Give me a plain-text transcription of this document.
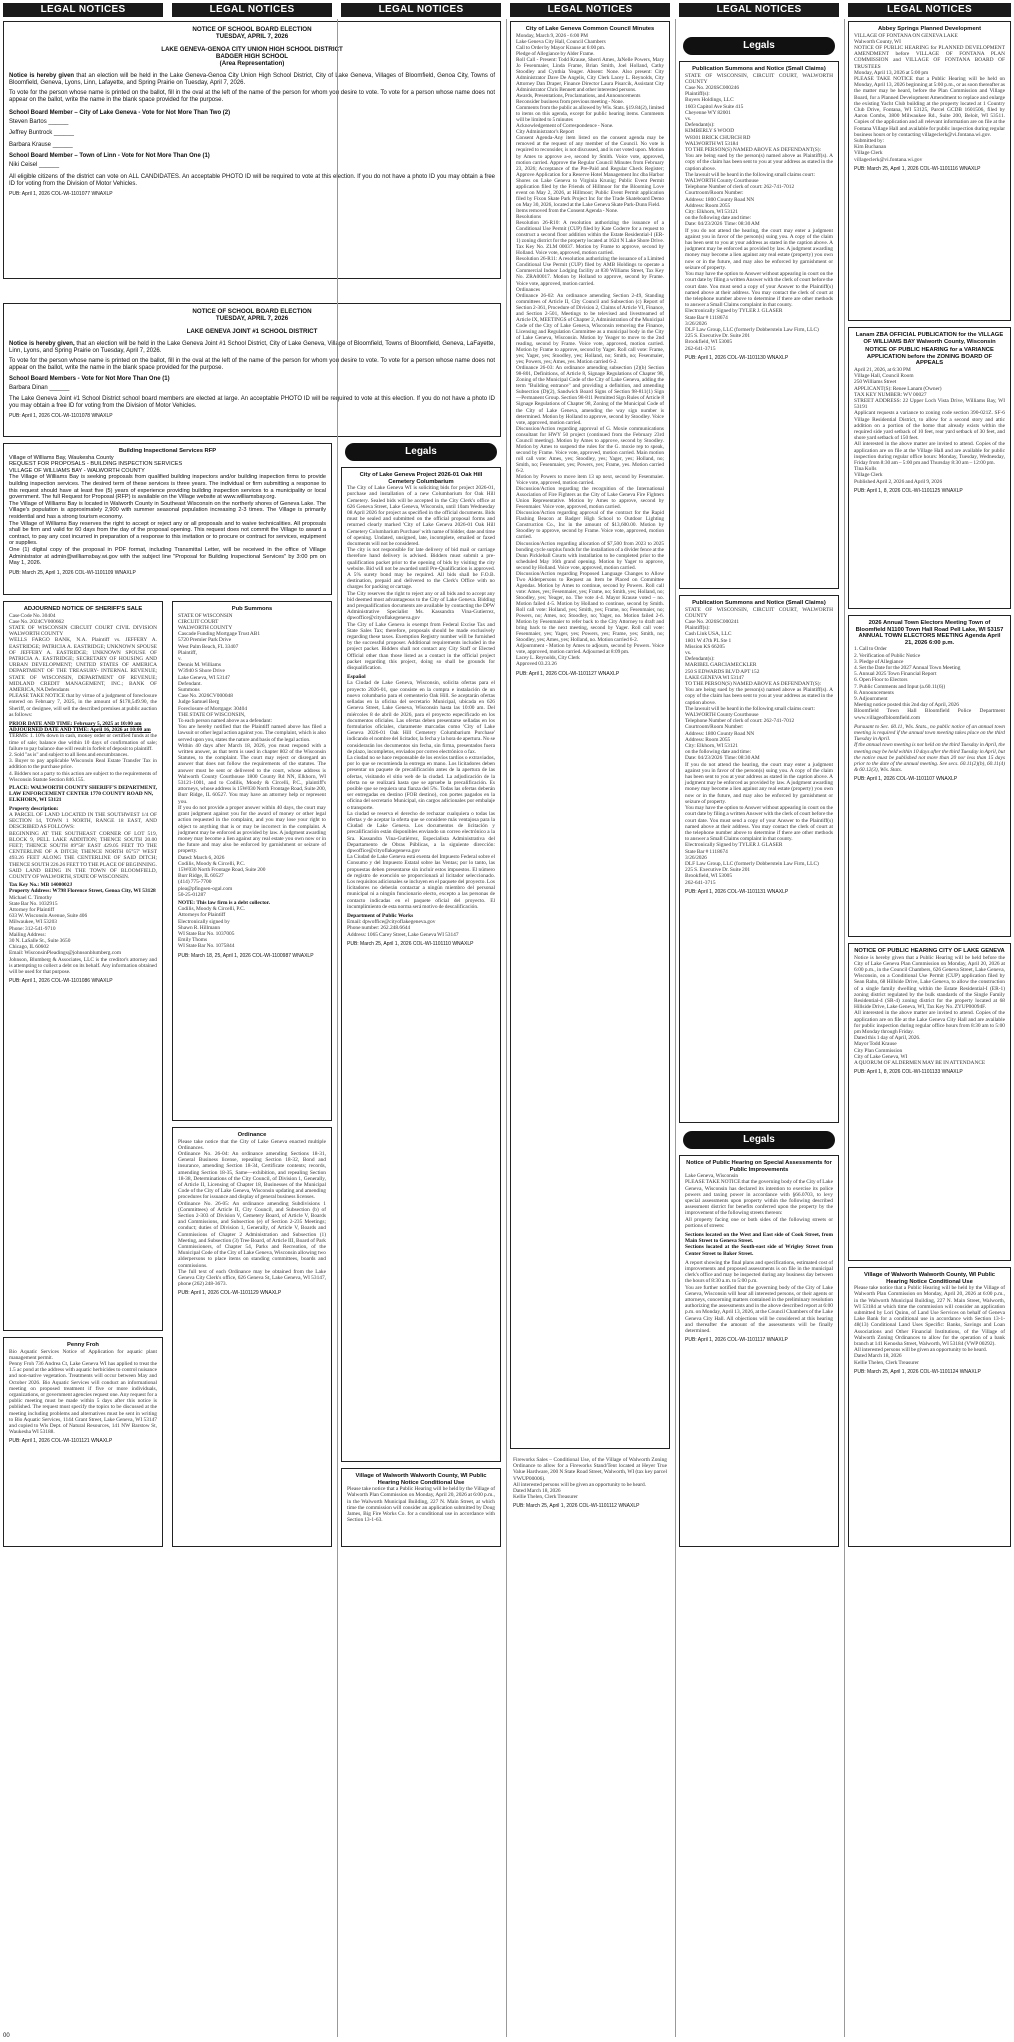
LEGAL NOTICES	LEGAL NOTICES	LEGAL NOTICES	LEGAL NOTICES	LEGAL NOTICES	LEGAL NOTICES
NOTICE OF SCHOOL BOARD ELECTION
TUESDAY, APRIL 7, 2026
LAKE GENEVA-GENOA CITY UNION HIGH SCHOOL DISTRICT
BADGER HIGH SCHOOL
(Area Representation)

Notice is hereby given that an election will be held in the Lake Geneva-Genoa City Union High School District, City of Lake Geneva, Villages of Bloomfield, Genoa City, Towns of Bloomfield, Geneva, Lyons, Linn, Lafayette, and Spring Prairie on Tuesday, April 7, 2026.

To vote for the person whose name is printed on the ballot, fill in the oval at the left of the name of the person for whom you desire to vote. To vote for a person whose name does not appear on the ballot, write the name in the blank space provided for the purpose.

School Board Member – City of Lake Geneva - Vote for Not More Than Two (2)

Steven Bartos ______
Jeffrey Buntrock ______
Barbara Krause ______

School Board Member – Town of Linn - Vote for Not More Than One (1)

Niki Ceisel ______

All eligible citizens of the district can vote on ALL CANDIDATES. An acceptable PHOTO ID will be required to vote at this election. If you do not have a photo ID you may obtain a free ID for voting from the Division of Motor Vehicles.

PUB: April 1, 2026 COL-WI-1101077 WNAXLP
NOTICE OF SCHOOL BOARD ELECTION
TUESDAY, APRIL 7, 2026
LAKE GENEVA JOINT #1 SCHOOL DISTRICT

Notice is hereby given, that an election will be held in the Lake Geneva Joint #1 School District, City of Lake Geneva, Village of Bloomfield, Towns of Bloomfield, Geneva, LaFayette, Linn, Lyons, and Spring Prairie on Tuesday, April 7, 2026.

To vote for the person whose name is printed on the ballot, fill in the oval at the left of the name of the person for whom you desire to vote. To vote for a person whose name does not appear on the ballot, write the name in the blank space provided for the purpose.

School Board Members - Vote for Not More Than One (1)

Barbara Dinan ______

The Lake Geneva Joint #1 School District school board members are elected at large. An acceptable PHOTO ID will be required to vote at this election. If you do not have a photo ID you may obtain a free ID for voting from the Division of Motor Vehicles.

PUB: April 1, 2026 COL-WI-1101078 WNAXLP
Legals
Building Inspectional Services RFP
Village of Williams Bay, Waukesha County
REQUEST FOR PROPOSALS - BUILDING INSPECTION SERVICES
VILLAGE OF WILLIAMS BAY - WALWORTH COUNTY
The Village of Williams Bay is seeking proposals from qualified building inspectors and/or building inspection firms to provide building inspection services. The desired term of these services is three years. The individual or firm submitting a response to this request should have at least five (5) years of experience providing building inspection services to a municipality or local government. The full Request for Proposal (RFP) is available on the Village website at www.williamsbay.org.
The Village of Williams Bay is located in Walworth County in Southeast Wisconsin on the northerly shores of Geneva Lake. The Village's population is approximately 2,900 with summer seasonal population increasing 2-3 times. The Village is primarily residential and has a strong tourism economy.
The Village of Williams Bay reserves the right to accept or reject any or all proposals and to waive technicalities. All proposals shall be firm and valid for 60 days from the day of the proposal opening. This request does not commit the Village to award a contract, to pay any cost incurred in preparation of a response to this invitation or to procure or contract for services, equipment or supplies.
One (1) digital copy of the proposal in PDF format, including Transmittal Letter, will be received in the office of Village Administrator at admin@williamsbay.wi.gov with the subject line "Proposal for Building Inspectional Services" by 3:00 pm on May 1, 2026.
PUB: March 25, April 1, 2026 COL-WI-1101109 WNAXLP
ADJOURNED NOTICE OF SHERIFF'S SALE
Case Code No. 30404
Case No. 2024CV000662
STATE OF WISCONSIN CIRCUIT COURT CIVIL DIVISION WALWORTH COUNTY
WELLS FARGO BANK, N.A. Plaintiff vs. JEFFERY A. EASTRIDGE; PATRICIA A. EASTRIDGE; UNKNOWN SPOUSE OF JEFFERY A. EASTRIDGE; UNKNOWN SPOUSE OF PATRICIA A. EASTRIDGE; SECRETARY OF HOUSING AND URBAN DEVELOPMENT; UNITED STATES OF AMERICA DEPARTMENT OF THE TREASURY- INTERNAL REVENUE; STATE OF WISCONSIN, DEPARTMENT OF REVENUE; MIDLAND CREDIT MANAGEMENT, INC.; BANK OF AMERICA, NA Defendants
PLEASE TAKE NOTICE that by virtue of a judgment of foreclosure entered on February 7, 2025, in the amount of $178,549.90, the Sheriff, or designee, will sell the described premises at public auction as follows:
PRIOR DATE AND TIME: February 5, 2025 at 10:00 am
ADJOURNED DATE AND TIME: April 16, 2026 at 10:00 am
TERMS: 1. 10% down in cash, money order or certified funds at the time of sale; balance due within 10 days of confirmation of sale; failure to pay balance due will result in forfeit of deposit to plaintiff.
2. Sold "as is" and subject to all liens and encumbrances.
3. Buyer to pay applicable Wisconsin Real Estate Transfer Tax in addition to the purchase price.
4. Bidders not a party to this action are subject to the requirements of Wisconsin Statute Section 846.155.
PLACE: WALWORTH COUNTY SHERIFF'S DEPARTMENT, LAW ENFORCEMENT CENTER 1770 COUNTY ROAD NN, ELKHORN, WI 53121
Property description:
A PARCEL OF LAND LOCATED IN THE SOUTHWEST 1/4 OF SECTION 14, TOWN 1 NORTH, RANGE 18 EAST, AND DESCRIBED AS FOLLOWS:
BEGINNING AT THE SOUTHEAST CORNER OF LOT 519, BLOCK 9, PELL LAKE ADDITION; THENCE SOUTH 20.00 FEET; THENCE SOUTH 89°58' EAST 429.05 FEET TO THE CENTERLINE OF A DITCH; THENCE NORTH 05°57' WEST 493.26 FEET ALONG THE CENTERLINE OF SAID DITCH; THENCE SOUTH 226.26 FEET TO THE PLACE OF BEGINNING. SAID LAND BEING IN THE TOWN OF BLOOMFIELD, COUNTY OF WALWORTH, STATE OF WISCONSIN.
Tax Key No.: MB 1400002J
Property Address: W798 Florence Street, Genoa City, WI 53128
Michael C. Timothy
State Bar No. 1032915
Attorney for Plaintiff
633 W. Wisconsin Avenue, Suite 406
Milwaukee, WI 53203
Phone: 312-541-9710
Mailing Address:
30 N. LaSalle St., Suite 3650
Chicago, IL 60602
Email: WisconsinPleadings@johnsonblumberg.com
Johnson, Blumberg & Associates, LLC is the creditor's attorney and is attempting to collect a debt on its behalf. Any information obtained will be used for that purpose.
PUB: April 1, 2026 COL-WI-1101086 WNAXLP
Penny Froh
Bio Aquatic Services Notice of Application for aquatic plant management permit.
Penny Froh 736 Andrea Ct, Lake Geneva WI has applied to treat the 1.5 ac pond at the address with aquatic herbicides to control nuisance and non-native vegetation. Treatments will occur between May and October 2026. Bio Aquatic Services will conduct an informational meeting on proposed treatment if five or more individuals, organizations, or government agencies request one. Any request for a public meeting must be made within 5 days after this notice is published. The request must specify the topics to be discussed at the meeting including problems and alternatives must be sent in writing to Bio Aquatic Services, 1144 Grant Street, Lake Geneva, WI 53147 and copied to Wis Dept. of Natural Resources, 141 NW Barstow St, Waukesha WI 53188.
PUB: April 1, 2026 COL-WI-1101121 WNAXLP
Pub Summons
STATE OF WISCONSIN
CIRCUIT COURT
WALWORTH COUNTY
Cascade Funding Mortgage Trust AB1
5720 Premier Park Drive
West Palm Beach, FL 33407
Plaintiff,
v.
Dennis M. Williams
W3940 S Shore Drive
Lake Geneva, WI 53147
Defendant.
Summons
Case No. 2026CV000048
Judge Samuel Berg
Foreclosure of Mortgage: 30404
THE STATE OF WISCONSIN,
To each person named above as a defendant:
You are hereby notified that the Plaintiff named above has filed a lawsuit or other legal action against you. The complaint, which is also served upon you, states the nature and basis of the legal action.
Within 40 days after March 18, 2026, you must respond with a written answer, as that term is used in chapter 802 of the Wisconsin Statutes, to the complaint. The court may reject or disregard an answer that does not follow the requirements of the statutes. The answer must be sent or delivered to the court, whose address is Walworth County Courthouse 1800 County Rd NN, Elkhorn, WI 53121-1001, and to Codilis, Moody & Circelli, P.C., plaintiff's attorneys, whose address is 15W030 North Frontage Road, Suite 200, Burr Ridge, IL 60527. You may have an attorney help or represent you.
If you do not provide a proper answer within 40 days, the court may grant judgment against you for the award of money or other legal action requested in the complaint, and you may lose your right to object to anything that is or may be incorrect in the complaint. A judgment may be enforced as provided by law. A judgment awarding money may become a lien against any real estate you own now or in the future and may also be enforced by garnishment or seizure of property.
Dated: March 6, 2026
Codilis, Moody & Circelli, P.C.
15W030 North Frontage Road, Suite 200
Burr Ridge, IL 60527
(414) 775-7700
plea@pfingsen-ogal.com
50-25-01287
NOTE: This law firm is a debt collector.
Codilis, Moody & Circelli, P.C.
Attorneys for Plaintiff
Electronically signed by
Shawn R. Hillmann
WI State Bar No. 1037005
Emily Thoms
WI State Bar No. 1075844
PUB: March 18, 25, April 1, 2026 COL-WI-1100987 WNAXLP
Ordinance
Please take notice that the City of Lake Geneva enacted multiple Ordinances.
Ordinance No. 26-04: An ordinance amending Sections 18-31, General Business license, repealing Section 18-32, Bond and insurance, amending Section 18-34, Certificate contents; records, amending Section 18-35, Same—exhibition, and repealing Section 18-38, Determinations of the City Council, of Division 1, Generally, of Article II, Licensing of Chapter 18, Businesses of the Municipal Code of the City of Lake Geneva, Wisconsin updating and amending procedures for issuance and display of general business licenses.
Ordinance No. 26-05: An ordinance amending Subdivisions 1 (Committees) of Article II, City Council, and Subsection (b) of Section 2-303 of Division V, Cemetery Board, of Article V, Boards and Commissions, and Subsection (e) of Section 2-235 Meetings; conduct; duties of Division 1, Generally, of Article V, Boards and Commissions of Chapter 2 Administration and Subsection (1) Meeting, and Subsection (3) Tree Board, of Article III, Board of Park Commissioners, of Chapter 54, Parks and Recreation, of the Municipal Code of the City of Lake Geneva, Wisconsin allowing two alderpersons to place items on standing committees, boards and commissions.
The full text of each Ordinance may be obtained from the Lake Geneva City Clerk's office, 626 Geneva St, Lake Geneva, WI 53147, phone (262) 248-3673.
PUB: April 1, 2026 COL-WI-1101129 WNAXLP
City of Lake Geneva Project 2026-01 Oak Hill Cemetery Columbarium
The City of Lake Geneva WI is soliciting bids for project 2026-01, purchase and installation of a new Columbarium for Oak Hill Cemetery. Sealed bids will be accepted in the City Clerk's office at 626 Geneva Street, Lake Geneva, Wisconsin, until 10am Wednesday 08 April 2026 for project as specified in the official documents. Bids must be sealed and submitted on the official proposal forms and returned clearly marked 'City of Lake Geneva 2026-01 Oak Hill Cemetery Columbarium Purchase' with name of bidder, date and time of opening. Undated, unsigned, late, incomplete, emailed or faxed documents will not be considered.
The city is not responsible for late delivery of bid mail or carriage therefore hand delivery is advised. Bidders must submit a pre-qualification packet prior to the opening of bids by visiting the city website. Bid will not be awarded until Pre-Qualification is approved. A 5% surety bond may be required. All bids shall be F.O.B. destination, prepaid and delivered to the Clerk's Office with no charges for packing or cartage.
The City reserves the right to reject any or all bids and to accept any bid deemed most advantageous to the City of Lake Geneva. Bidding and prequalification documents are available by contacting the DPW Administrative Specialist Ms. Kassandra Vina-Gutierrez, dpwoffice@cityoflakegeneva.gov
The City of Lake Geneva is exempt from Federal Excise Tax and State Sales Tax; therefore, proposals should be made exclusively regarding these taxes. Exemption Registry number will be furnished by the successful proposer. Additional requirements included in the project packet. Bidders shall not contact any City Staff or Elected Official other than those listed as a contact in the official project packet regarding this project, doing so shall be grounds for disqualification.
Español
La Ciudad de Lake Geneva, Wisconsin, solicita ofertas para el proyecto 2026-01, que consiste en la compra e instalación de un nuevo columbario para el cementerio Oak Hill. Se aceptarán ofertas selladas en la oficina del secretario Municipal, ubicada en 626 Geneva Street, Lake Geneva, Wisconsin hasta las 10:00 am. Del miércoles 8 de abril de 2026, para el proyecto especificado en los documentos oficiales. Las ofertas deben presentarse selladas en los formularios oficiales, claramente marcadas como 'City of Lake Geneva 2026-01 Oak Hill Cemetery Columbarium Purchase' indicando el nombre del licitador, la fecha y la hora de apertura. No se considerarán los documentos sin fecha, sin firma, presentados fuera de plazo, incompletos, enviados por correo electrónico o fax.
La ciudad no se hace responsable de los envíos tardíos o extraviados, por lo que se recomienda la entrega en mano. Los licitadores deben presentar un paquete de precalificación antes de la apertura de las ofertas, visitando el sitio web de la ciudad. La adjudicación de la oferta no se realizará hasta que se apruebe la precalificación. Es posible que se requiera una fianza del 5%. Todas las ofertas deberán ser entregadas en destino (FOB destino), con portes pagados en la oficina del secretario Municipal, sin cargos adicionales por embalaje o transporte.
La ciudad se reserva el derecho de rechazar cualquiera o todas las ofertas y de aceptar la oferta que se considere más ventajosa para la Ciudad de Lake Geneva. Los documentos de licitación y precalificación están disponibles enviando un correo electrónico a la Sra. Kassandra Vina-Gutiérrez, Especialista Administrativa del Departamento de Obras Públicas, a la siguiente dirección: dpwoffice@cityoflakegeneva.gov
La Ciudad de Lake Geneva está exenta del Impuesto Federal sobre el Consumo y del Impuesto Estatal sobre las Ventas; por lo tanto, las propuestas deben presentarse sin incluir estos impuestos. El número de registro de exención se proporcionará al licitador seleccionado. Los requisitos adicionales se incluyen en el paquete del proyecto. Los licitadores no deberán contactar a ningún miembro del personal municipal ni a ningún funcionario electo, excepto a las personas de contacto indicadas en el paquete oficial del proyecto. El incumplimiento de esta norma será motivo de descalificación.
Department of Public Works
Email: dpwoffice@cityoflakegeneva.gov
Phone number: 262.248.6644
Address: 1065 Carey Street, Lake Geneva WI 53147
PUB: March 25, April 1, 2026 COL-WI-1101110 WNAXLP
Village of Walworth Walworth County, WI Public Hearing Notice Conditional Use
Please take notice that a Public Hearing will be held by the Village of Walworth Plan Commission on Monday, April 20, 2026 at 6:00 p.m., in the Walworth Municipal Building, 227 N. Main Street, at which time the commission will consider an application submitted by Doug James, Big Fire Works Co. for a conditional use in accordance with Section 13-1-63.
City of Lake Geneva Common Council Minutes
Monday, March 9, 2026 - 6:00 PM
Lake Geneva City Hall, Council Chambers
Call to Order by Mayor Krause at 6:00 pm.
Pledge of Allegiance by Alder Frame.
Roll Call - Present: Todd Krause, Sherri Ames, JaNelle Powers, Mary Jo Fesenmaier, Linda Frame, Brian Smith, Joel Holland, Cathy Stoodley and Cynthia Yeager. Absent: None. Also present: City Administrator Dave De Angelis, City Clerk Lacey L. Reynolds, City Attorney Dan Draper, Finance Director Laura Pisarcik, Assistant City Administrator Chris Bennett and other interested persons.
Awards, Presentations, Proclamations, and Announcements
Reconsider business from previous meeting - None.
Comments from the public as allowed by Wis. Stats. §19.84(2), limited to items on this agenda, except for public hearing items. Comments will be limited to 5 minutes
Acknowledgement of Correspondence - None.
City Administrator's Report
Consent Agenda-Any item listed on the consent agenda may be removed at the request of any member of the Council. No vote is required to reconsider, is not discussed, and is not voted upon. Motion by Ames to approve a-e, second by Smith. Voice vote, approved, motion carried. Approve the Regular Council Minutes from February 23, 2026; Acceptance of the Pre-Paid and Regular Check Register; Approve Application for a Reserve Hotel Management Inc dba Harbor Shores on Lake Geneva to Virginia Krunig; Public Event Permit application filed by the Friends of Hillmoor for the Blooming Love event on May 2, 2026, at Hillmoor; Public Event Permit application filed by Fixon Skate Park Project Inc for the Trade Skateboard Demo on May 30, 2026, located at the Lake Geneva Skate Park-Dunn Field.
Items removed from the Consent Agenda - None.
Resolutions
Resolution 26-R10: A resolution authorizing the issuance of a Conditional Use Permit (CUP) filed by Kate Coderre for a request to construct a second floor addition within the Estate Residential-I (ER-1) zoning district for the property located at 1624 N Lake Shore Drive. Tax Key No. ZLM 00037. Motion by Frame to approve, second by Holland. Voice vote, approved, motion carried.
Resolution 26-R11: A resolution authorizing the issuance of a Limited Conditional Use Permit (CUP) filed by AMB Holdings to operate a Commercial Indoor Lodging facility at 830 Williams Street, Tax Key No. ZRA00017. Motion by Holland to approve, second by Frame. Voice vote, approved, motion carried.
Ordinances
Ordinance 26-02: An ordinance amending Section 2-49, Standing committees of Article II, City Council and Subsection (c) Report of Section 2-361, Procedure of Division 2, Claims of Article VI, Finance, and Section 2-501, Meetings to be televised and livestreamed of Article IX, MEETINGS of Chapter 2, Administration of the Municipal Code of the City of Lake Geneva, Wisconsin removing the Finance, Licensing and Regulation Committee as a municipal body in the City of Lake Geneva, Wisconsin. Motion by Yeager to move to the 2nd reading, second by Frame. Voice vote, approved, motion carried. Motion by Frame to approve, second by Yager. Roll call vote: Frame, yes; Yager, yes; Stoodley, yes; Holland, no; Smith, no; Fesenmaier, yes; Powers, yes; Ames, yes. Motion carried 6-2.
Ordinance 26-03: An ordinance amending subsection (2)(b) Section 98-801, Definitions, of Article 8, Signage Regulations of Chapter 98, Zoning of the Municipal Code of the City of Lake Geneva, adding the term "Building entrance" and providing a definition, and amending Subsection (D)(2), Sandwich Board Signs of Section 98-811(1) Sign—Permanent Group. Section 98-811 Permitted Sign Rules of Article 8 Signage Regulations of Chapter 98, Zoning of the Municipal Code of the City of Lake Geneva, amending the way sign number is determined. Motion by Holland to approve, second by Stoodley. Voice vote, approved, motion carried.
Discussion/Action regarding approval of G. Moxie communications consultant for HWY 50 project (continued from the February 23rd Council meeting). Motion by Ames to approve, second by Stoodley. Motion by Ames to suspend the rules for the G. moxie rep to speak, second by Frame. Voice vote, approved, motion carried. Main motion roll call vote: Ames, yes; Stoodley, yes; Yager, yes; Holland, no; Smith, no; Fesenmaier, yes; Powers, yes; Frame, yes. Motion carried 6-2.
Motion by Powers to move item 13 up next, second by Fesenmaier. Voice vote, approved, motion carried.
Discussion/Action regarding the recognition of the International Association of Fire Fighters as the City of Lake Geneva Fire Fighters Union Representative. Motion by Ames to approve, second by Fesenmaier. Voice vote, approved, motion carried.
Discussion/Action regarding approval of the contract for the Rapid Flashing Beacon at Badger High School to Outdoor Lighting Construction Co., Inc in the amount of $13,600.00. Motion by Stoodley to approve, second by Frame. Voice vote, approved, motion carried.
Discussion/Action regarding allocation of $7,500 from 2023 to 2025 bonding cycle surplus funds for the installation of a divider fence at the Dunn Pickleball Courts with installation to be completed prior to the scheduled May 16th grand opening. Motion by Yager to approve, second by Holland. Voice vote, approved, motion carried.
Discussion/Action regarding Proposed Language Changes to Allow Two Alderpersons to Request an Item be Placed on Committee Agendas. Motion by Ames to continue, second by Powers. Roll call vote: Ames, yes; Fesenmaier, yes; Frame, no; Smith, yes; Holland, no; Stoodley, yes; Yeager, no. The vote 4-4. Mayor Krause voted – no. Motion failed 4-5. Motion by Holland to continue, second by Smith. Roll call vote: Holland, yes; Smith, yes; Frame, no; Fesenmaier, no; Powers, no; Ames, no; Stoodley, no; Yager, no. Motion failed 2-6. Motion by Fesenmaier to refer back to the City Attorney to draft and bring back to the next meeting, second by Yager. Roll call vote: Fesenmaier, yes; Yager, yes; Powers, yes; Frame, yes; Smith, no; Stoodley, yes; Ames, yes; Holland, no. Motion carried 6-2.
Adjournment - Motion by Ames to adjourn, second by Powers. Voice vote, approved, motion carried. Adjourned at 8:09 pm.
Lacey L. Reynolds, City Clerk
Approved 03.23.26
PUB: April 1, 2026 COL-WI-1101127 WNAXLP
Fireworks Sales – Conditional Use, of the Village of Walworth Zoning Ordinance to allow for a Fireworks Stand/Tent located at Heyer True Value Hardware, 200 N State Road Street, Walworth, WI (tax key parcel VWUP00006).
All interested persons will be given an opportunity to be heard.
Dated March 18, 2026
Kellie Thelen, Clerk Treasurer
PUB: March 25, April 1, 2026 COL-WI-1101112 WNAXLP
Legals
Publication Summons and Notice (Small Claims)
STATE OF WISCONSIN, CIRCUIT COURT, WALWORTH COUNTY
Case No. 2026SC000246
Plaintiff(s):
Buyers Holdings, LLC
1603 Capitol Ave Suite 415
Cheyenne WY 82001
vs.
Defendant(s):
KIMBERLY S WOOD
W8301 BRICK CHURCH RD
WALWORTH WI 53184
TO THE PERSON(S) NAMED ABOVE AS DEFENDANT(S):
You are being sued by the person(s) named above as Plaintiff(s). A copy of the claim has been sent to you at your address as stated in the caption above.
The lawsuit will be heard in the following small claims court:
WALWORTH County Courthouse
Telephone Number of clerk of court: 262-741-7012
Courtroom/Room Number:
Address: 1800 County Road NN
Address: Room 2055
City: Elkhorn, WI 53121
on the following date and time:
Date: 04/23/2026  Time: 08:30 AM
If you do not attend the hearing, the court may enter a judgment against you in favor of the person(s) suing you. A copy of the claim has been sent to you at your address as stated in the caption above. A judgment may be enforced as provided by law. A judgment awarding money may become a lien against any real estate (property) you own now or in the future, and may also be enforced by garnishment or seizure of property.
You may have the option to Answer without appearing in court on the court date by filing a written Answer with the clerk of court before the court date. You must send a copy of your Answer to the Plaintiff(s) named above at their address. You may contact the clerk of court at the telephone number above to determine if there are other methods to answer a Small Claims complaint in that county.
Electronically Signed by TYLER J. GLASER
State Bar # 1118674
3/26/2026
DLF Law Group, LLC (formerly Dobberstein Law Firm, LLC)
225 S. Executive Dr. Suite 201
Brookfield, WI 53005
262-641-3715
PUB: April 1, 2026 COL-WI-1101130 WNAXLP
Publication Summons and Notice (Small Claims)
STATE OF WISCONSIN, CIRCUIT COURT, WALWORTH COUNTY
Case No. 2026SC000241
Plaintiff(s):
Cash Link USA, LLC
1801 W 47th PL Ste 1
Mission KS 66205
vs.
Defendant(s):
MARIBEL GARCIAMECKLER
250 S EDWARDS BLVD APT 152
LAKE GENEVA WI 53147
TO THE PERSON(S) NAMED ABOVE AS DEFENDANT(S):
You are being sued by the person(s) named above as Plaintiff(s). A copy of the claim has been sent to you at your address as stated in the caption above.
The lawsuit will be heard in the following small claims court:
WALWORTH County Courthouse
Telephone Number of clerk of court: 262-741-7012
Courtroom/Room Number:
Address: 1800 County Road NN
Address: Room 2055
City: Elkhorn, WI 53121
on the following date and time:
Date: 04/23/2026  Time: 08:30 AM
If you do not attend the hearing, the court may enter a judgment against you in favor of the person(s) suing you. A copy of the claim has been sent to you at your address as stated in the caption above. A judgment may be enforced as provided by law. A judgment awarding money may become a lien against any real estate (property) you own now or in the future, and may also be enforced by garnishment or seizure of property.
You may have the option to Answer without appearing in court on the court date by filing a written Answer with the clerk of court before the court date. You must send a copy of your Answer to the Plaintiff(s) named above at their address. You may contact the clerk of court at the telephone number above to determine if there are other methods to answer a Small Claims complaint in that county.
Electronically Signed by TYLER J. GLASER
State Bar # 1118674
3/26/2026
DLF Law Group, LLC (formerly Dobberstein Law Firm, LLC)
225 S. Executive Dr. Suite 201
Brookfield, WI 53005
262-641-3715
PUB: April 1, 2026 COL-WI-1101131 WNAXLP
Legals
Notice of Public Hearing on Special Assessments for Public Improvements
Lake Geneva, Wisconsin
PLEASE TAKE NOTICE that the governing body of the City of Lake Geneva, Wisconsin has declared its intention to exercise its police powers and taxing power in accordance with §66.0703, to levy special assessments upon property within the following described assessment district for benefits conferred upon the property by the improvement of the following streets thereon:
All property facing one or both sides of the following streets or portions of streets:
Sections located on the West and East side of Cook Street, from Main Street to Geneva Street.
Sections located at the South-east side of Wrigley Street from Center Street to Baker Street.
A report showing the final plans and specifications, estimated cost of improvements and proposed assessments is on file in the municipal clerk's office and may be inspected during any business day between the hours of 8:30 a.m. to 5:00 p.m.
You are further notified that the governing body of the City of Lake Geneva, Wisconsin will hear all interested persons, or their agents or attorneys, concerning matters contained in the preliminary resolution authorizing the assessments and in the above described report at 6:00 p.m. on Monday, April 13, 2026, at the Council Chambers of the Lake Geneva City Hall. All objections will be considered at this hearing and thereafter the amount of the assessments will be finally determined.
PUB: April 1, 2026 COL-WI-1101117 WNAXLP
Abbey Springs Planned Development
VILLAGE OF FONTANA ON GENEVA LAKE
Walworth County, WI
NOTICE OF PUBLIC HEARING for PLANNED DEVELOPMENT AMENDMENT before VILLAGE OF FONTANA PLAN COMMISSION and VILLAGE OF FONTANA BOARD OF TRUSTEES
Monday, April 13, 2026 at 5:00 pm
PLEASE TAKE NOTICE that a Public Hearing will be held on Monday, April 13, 2026 beginning at 5:00 p.m., or as soon thereafter as the matter may be heard, before the Plan Commission and Village Board, for a Planned Development Amendment to replace and enlarge the existing Yacht Club building at the property located at 1 Country Club Drive, Fontana, WI 53125, Parcel GCDB 1601506, filed by Aaron Combs, 3800 Milwaukee Rd., Suite 200, Beloit, WI 53511. Copies of the application and all relevant information are on file at the Fontana Village Hall and available for public inspection during regular business hours or by contacting villageclerk@vi.fontana.wi.gov.
Submitted by:
Kim Buchanan
Village Clerk
villageclerk@vi.fontana.wi.gov
PUB: March 25, April 1, 2026 COL-WI-1101116 WNAXLP
Lanam ZBA OFFICIAL PUBLICATION for the VILLAGE OF WILLIAMS BAY Walworth County, Wisconsin
NOTICE OF PUBLIC HEARING for a VARIANCE APPLICATION before the ZONING BOARD OF APPEALS
April 21, 2026, at 6:30 PM
Village Hall, Council Room
250 Williams Street
APPLICANT(S): Renee Lanam (Owner)
TAX KEY NUMBER: WV 00027
STREET ADDRESS: 22 Upper Loch Vista Drive, Williams Bay, WI 53191
Applicant requests a variance to zoning code section 390-021Z. SF-6 Village Residential District, to allow for a second story and attic addition on a portion of the home that already exists within the required side yard setback of 10 feet, rear yard setback of 30 feet, and shore yard setback of 150 feet.
All interested in the above matter are invited to attend. Copies of the application are on file at the Village Hall and are available for public inspection during regular office hours: Monday, Tuesday, Wednesday, Friday from 8:30 am – 5:00 pm and Thursday 8:30 am – 12:00 pm.
Tina Kolls
Village Clerk
Published April 2, 2026 and April 9, 2026
PUB: April 1, 8, 2026 COL-WI-1101125 WNAXLP
2026 Annual Town Electors Meeting Town of Bloomfield N1100 Town Hall Road Pell Lake, WI 53157 ANNUAL TOWN ELECTORS MEETING Agenda April 21, 2026 6:00 p.m.
1. Call to Order
2. Verification of Public Notice
3. Pledge of Allegiance
4. Set the Date for the 2027 Annual Town Meeting
5. Annual 2025 Town Financial Report
6. Open Floor to Electors
7. Public Comments and Input (a.60.11(6))
8. Announcements
9. Adjournment
Meeting notice posted this 2nd day of April, 2026
Bloomfield Town Hall Bloomfield Police Department www.villageofbloomfield.com
Pursuant to Sec. 60.11, Wis. Stats., no public notice of an annual town meeting is required if the annual town meeting takes place on the third Tuesday in April.
If the annual town meeting is not held on the third Tuesday in April, the meeting may be held within 10 days after the third Tuesday in April, but the notice must be published not more than 20 nor less than 15 days prior to the date of the annual meeting. See secs. 60.11(2)(b), 60.11(4) & 60.12(3), Wis. Stats.
PUB: April 1, 2026 COL-WI-1101107 WNAXLP
NOTICE OF PUBLIC HEARING CITY OF LAKE GENEVA
Notice is hereby given that a Public Hearing will be held before the City of Lake Geneva Plan Commission on Monday, April 20, 2026 at 6:00 p.m., in the Council Chambers, 626 Geneva Street, Lake Geneva, Wisconsin, on a Conditional Use Permit (CUP) application filed by Sean Rahn, 68 Hillside Drive, Lake Geneva, to allow the construction of a single family dwelling within the Estate Residential-I (ER-1) zoning district regulated by the bulk standards of the Single Family Residential-4 (SR-4) zoning district for the property located at 68 Hillside Drive, Lake Geneva, WI, Tax Key No. ZYUP00094F.
All interested in the above matter are invited to attend. Copies of the application are on file at the Lake Geneva City Hall and are available for public inspection during regular office hours from 8:30 am to 5:00 pm Monday through Friday.
Dated this 1 day of April, 2026.
Mayor Todd Krause
City Plan Commission
City of Lake Geneva, WI
A QUORUM OF ALDERMEN MAY BE IN ATTENDANCE
PUB: April 1, 8, 2026 COL-WI-1101133 WNAXLP
Village of Walworth Walworth County, WI Public Hearing Notice Conditional Use
Please take notice that a Public Hearing will be held by the Village of Walworth Plan Commission on Monday, April 20, 2026 at 6:00 p.m., in the Walworth Municipal Building, 227 N. Main Street, Walworth, WI 53184 at which time the commission will consider an application submitted by Lori Quinn, of Land Use Services on behalf of Geneva Lake Bank for a conditional use in accordance with Section 13-1-48(13) Conditional Land Uses Specific: Banks, Savings and Loan Associations and Other Financial Institutions, of the Village of Walworth Zoning Ordinances to allow for the operation of a bank branch at 141 Kenosha Street, Walworth, WI 53184 (VWP 00292).
All interested persons will be given an opportunity to be heard.
Dated March 18, 2026
Kellie Thelen, Clerk Treasurer
PUB: March 25, April 1, 2026 COL-WI-1101124 WNAXLP
00
